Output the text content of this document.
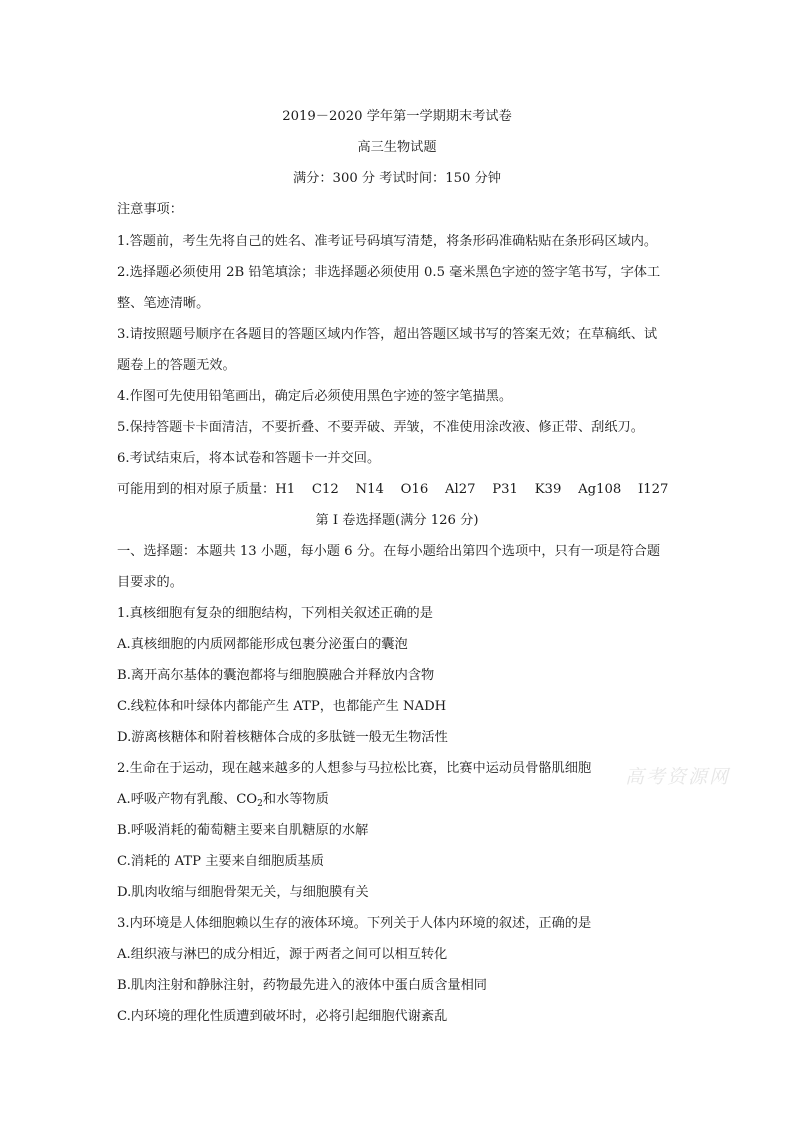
2019－2020 学年第一学期期末考试卷
高三生物试题
满分：300 分 考试时间：150 分钟
注意事项：
1.答题前，考生先将自己的姓名、准考证号码填写清楚，将条形码准确粘贴在条形码区域内。
2.选择题必须使用 2B 铅笔填涂；非选择题必须使用 0.5 毫米黑色字迹的签字笔书写，字体工
整、笔迹清晰。
3.请按照题号顺序在各题目的答题区域内作答，超出答题区域书写的答案无效；在草稿纸、试
题卷上的答题无效。
4.作图可先使用铅笔画出，确定后必须使用黑色字迹的签字笔描黑。
5.保持答题卡卡面清洁，不要折叠、不要弄破、弄皱，不准使用涂改液、修正带、刮纸刀。
6.考试结束后，将本试卷和答题卡一并交回。
可能用到的相对原子质量：H1    C12    N14    O16    Al27    P31    K39    Ag108    I127
第 I 卷选择题(满分 126 分)
一、选择题：本题共 13 小题，每小题 6 分。在每小题给出第四个选项中，只有一项是符合题
目要求的。
1.真核细胞有复杂的细胞结构，下列相关叙述正确的是
A.真核细胞的内质网都能形成包裹分泌蛋白的囊泡
B.离开高尔基体的囊泡都将与细胞膜融合并释放内含物
C.线粒体和叶绿体内都能产生 ATP，也都能产生 NADH
D.游离核糖体和附着核糖体合成的多肽链一般无生物活性
2.生命在于运动，现在越来越多的人想参与马拉松比赛，比赛中运动员骨骼肌细胞
A.呼吸产物有乳酸、$CO_2$和水等物质
B.呼吸消耗的葡萄糖主要来自肌糖原的水解
C.消耗的 ATP 主要来自细胞质基质
D.肌肉收缩与细胞骨架无关，与细胞膜有关
3.内环境是人体细胞赖以生存的液体环境。下列关于人体内环境的叙述，正确的是
A.组织液与淋巴的成分相近，源于两者之间可以相互转化
B.肌肉注射和静脉注射，药物最先进入的液体中蛋白质含量相同
C.内环境的理化性质遭到破坏时，必将引起细胞代谢紊乱
高考资源网
